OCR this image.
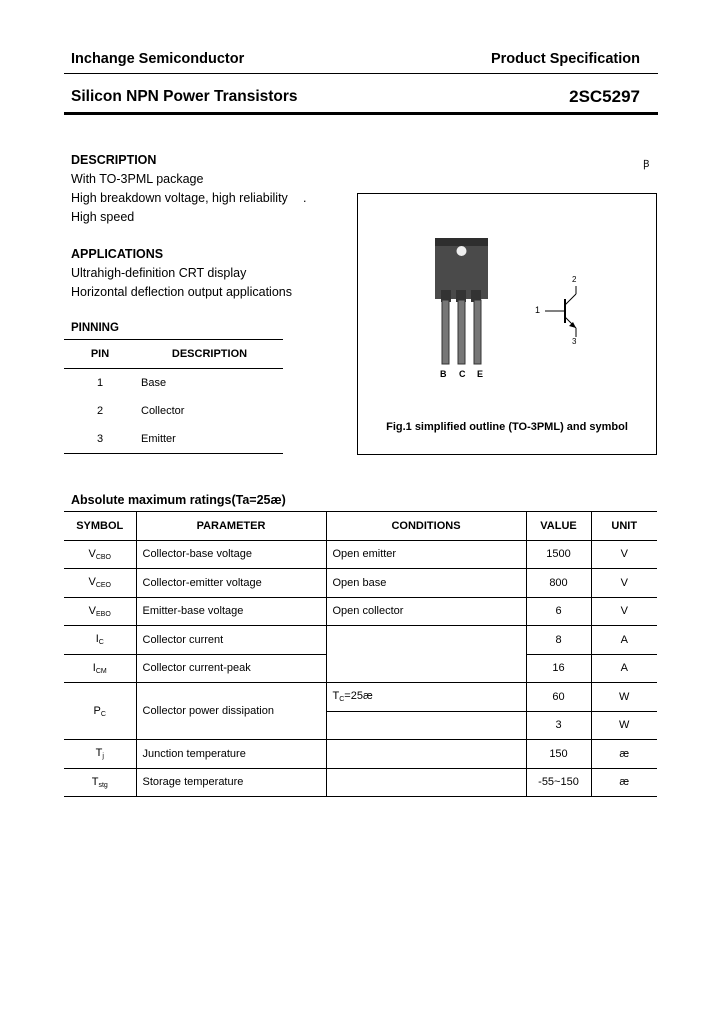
Inchange Semiconductor	Product Specification
Silicon NPN Power Transistors	2SC5297
DESCRIPTION	Ꞵ
With TO-3PML package
High breakdown voltage, high reliability .
High speed
APPLICATIONS
Ultrahigh-definition CRT display
Horizontal deflection output applications
PINNING
PIN	DESCRIPTION
1	Base
2	Collector
3	Emitter
B C E
1
2
3
Fig.1 simplified outline (TO-3PML) and symbol
Absolute maximum ratings(Ta=25æ)
SYMBOL	PARAMETER	CONDITIONS	VALUE	UNIT
$V_{CBO}$	Collector-base voltage	Open emitter	1500	V
$V_{CEO}$	Collector-emitter voltage	Open base	800	V
$V_{EBO}$	Emitter-base voltage	Open collector	6	V
$I_C$	Collector current		8	A
$I_{CM}$	Collector current-peak		16	A
$P_C$	Collector power dissipation	$T_C=25æ$	60	W
			3	W
$T_j$	Junction temperature		150	æ
$T_{stg}$	Storage temperature		-55~150	æ
